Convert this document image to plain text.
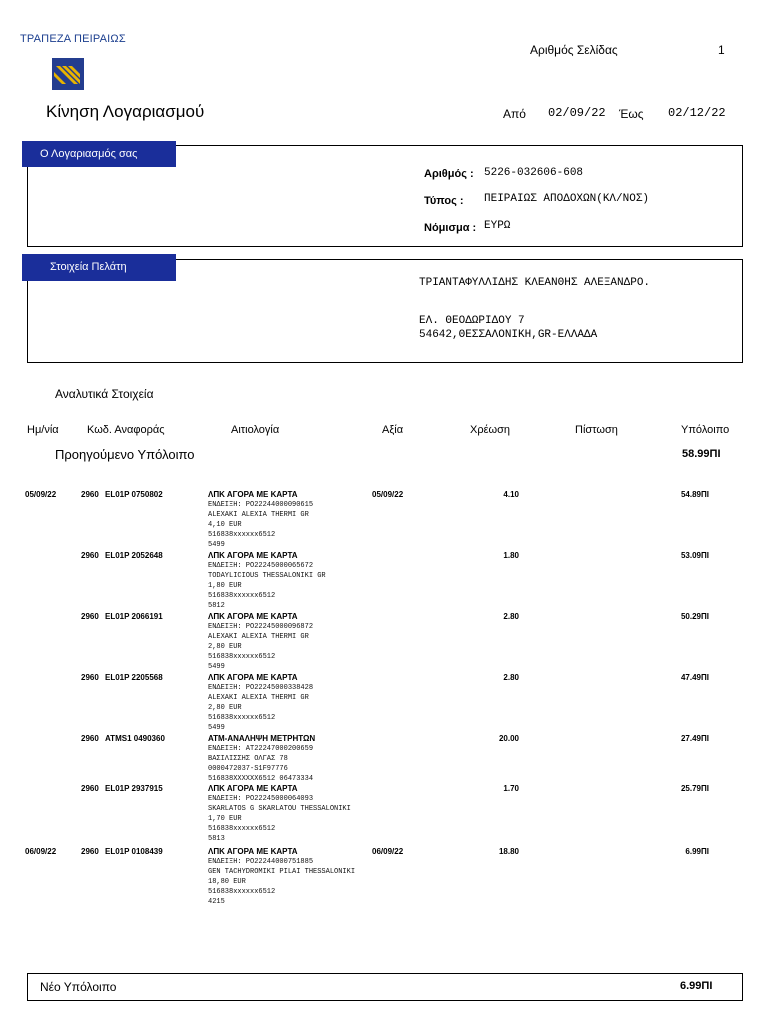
ΤΡΑΠΕΖΑ ΠΕΙΡΑΙΩΣ
Αριθμός Σελίδας	1
Κίνηση Λογαριασμού	Από 02/09/22 Έως 02/12/22
Ο Λογαριασμός σας
Αριθμός : 5226-032606-608
Τύπος : ΠΕΙΡΑΙΩΣ ΑΠΟΔΟΧΩΝ(ΚΛ/ΝΟΣ)
Νόμισμα : ΕΥΡΩ
Στοιχεία Πελάτη
ΤΡΙΑΝΤΑΦΥΛΛΙΔΗΣ ΚΛΕΑΝΘΗΣ ΑΛΕΞΑΝΔΡΟ.
ΕΛ. ΘΕΟΔΩΡΙΔΟΥ 7
54642,ΘΕΣΣΑΛΟΝΙΚΗ,GR-ΕΛΛΑΔΑ
Αναλυτικά Στοιχεία
Ημ/νία	Κωδ. Αναφοράς	Αιτιολογία	Αξία	Χρέωση	Πίστωση	Υπόλοιπο
Προηγούμενο Υπόλοιπο	58.99ΠΙ
05/09/22	2960 EL01P 0750802	ΛΠΚ ΑΓΟΡΑ ΜΕ ΚΑΡΤΑ	05/09/22	4.10	54.89ΠΙ
ΕΝΔΕΙΞΗ: PO22244000090615
ALEXAKI ALEXIA THERMI GR
4,10 EUR
516838xxxxxx6512
5499
2960 EL01P 2052648	ΛΠΚ ΑΓΟΡΑ ΜΕ ΚΑΡΤΑ	1.80	53.09ΠΙ
ΕΝΔΕΙΞΗ: PO22245000065672
TODAYLICIOUS THESSALONIKI GR
1,80 EUR
516838xxxxxx6512
5812
2960 EL01P 2066191	ΛΠΚ ΑΓΟΡΑ ΜΕ ΚΑΡΤΑ	2.80	50.29ΠΙ
ΕΝΔΕΙΞΗ: PO22245000096872
ALEXAKI ALEXIA THERMI GR
2,80 EUR
516838xxxxxx6512
5499
2960 EL01P 2205568	ΛΠΚ ΑΓΟΡΑ ΜΕ ΚΑΡΤΑ	2.80	47.49ΠΙ
ΕΝΔΕΙΞΗ: PO22245000338428
ALEXAKI ALEXIA THERMI GR
2,80 EUR
516838xxxxxx6512
5499
2960 ATMS1 0490360	ΑΤΜ-ΑΝΑΛΗΨΗ ΜΕΤΡΗΤΩΝ	20.00	27.49ΠΙ
ΕΝΔΕΙΞΗ: AT22247000200659
ΒΑΣΙΛΙΣΣΗΣ ΟΛΓΑΣ 78
0000472037-S1F97776
516838XXXXXX6512 06473334
2960 EL01P 2937915	ΛΠΚ ΑΓΟΡΑ ΜΕ ΚΑΡΤΑ	1.70	25.79ΠΙ
ΕΝΔΕΙΞΗ: PO22245000064093
SKARLATOS G SKARLATOU THESSALONIKI
1,70 EUR
516838xxxxxx6512
5813
06/09/22	2960 EL01P 0108439	ΛΠΚ ΑΓΟΡΑ ΜΕ ΚΑΡΤΑ	06/09/22	18.80	6.99ΠΙ
ΕΝΔΕΙΞΗ: PO22244000751885
GEN TACHYDROMIKI PILAI THESSALONIKI
18,80 EUR
516838xxxxxx6512
4215
Νέο Υπόλοιπο	6.99ΠΙ
